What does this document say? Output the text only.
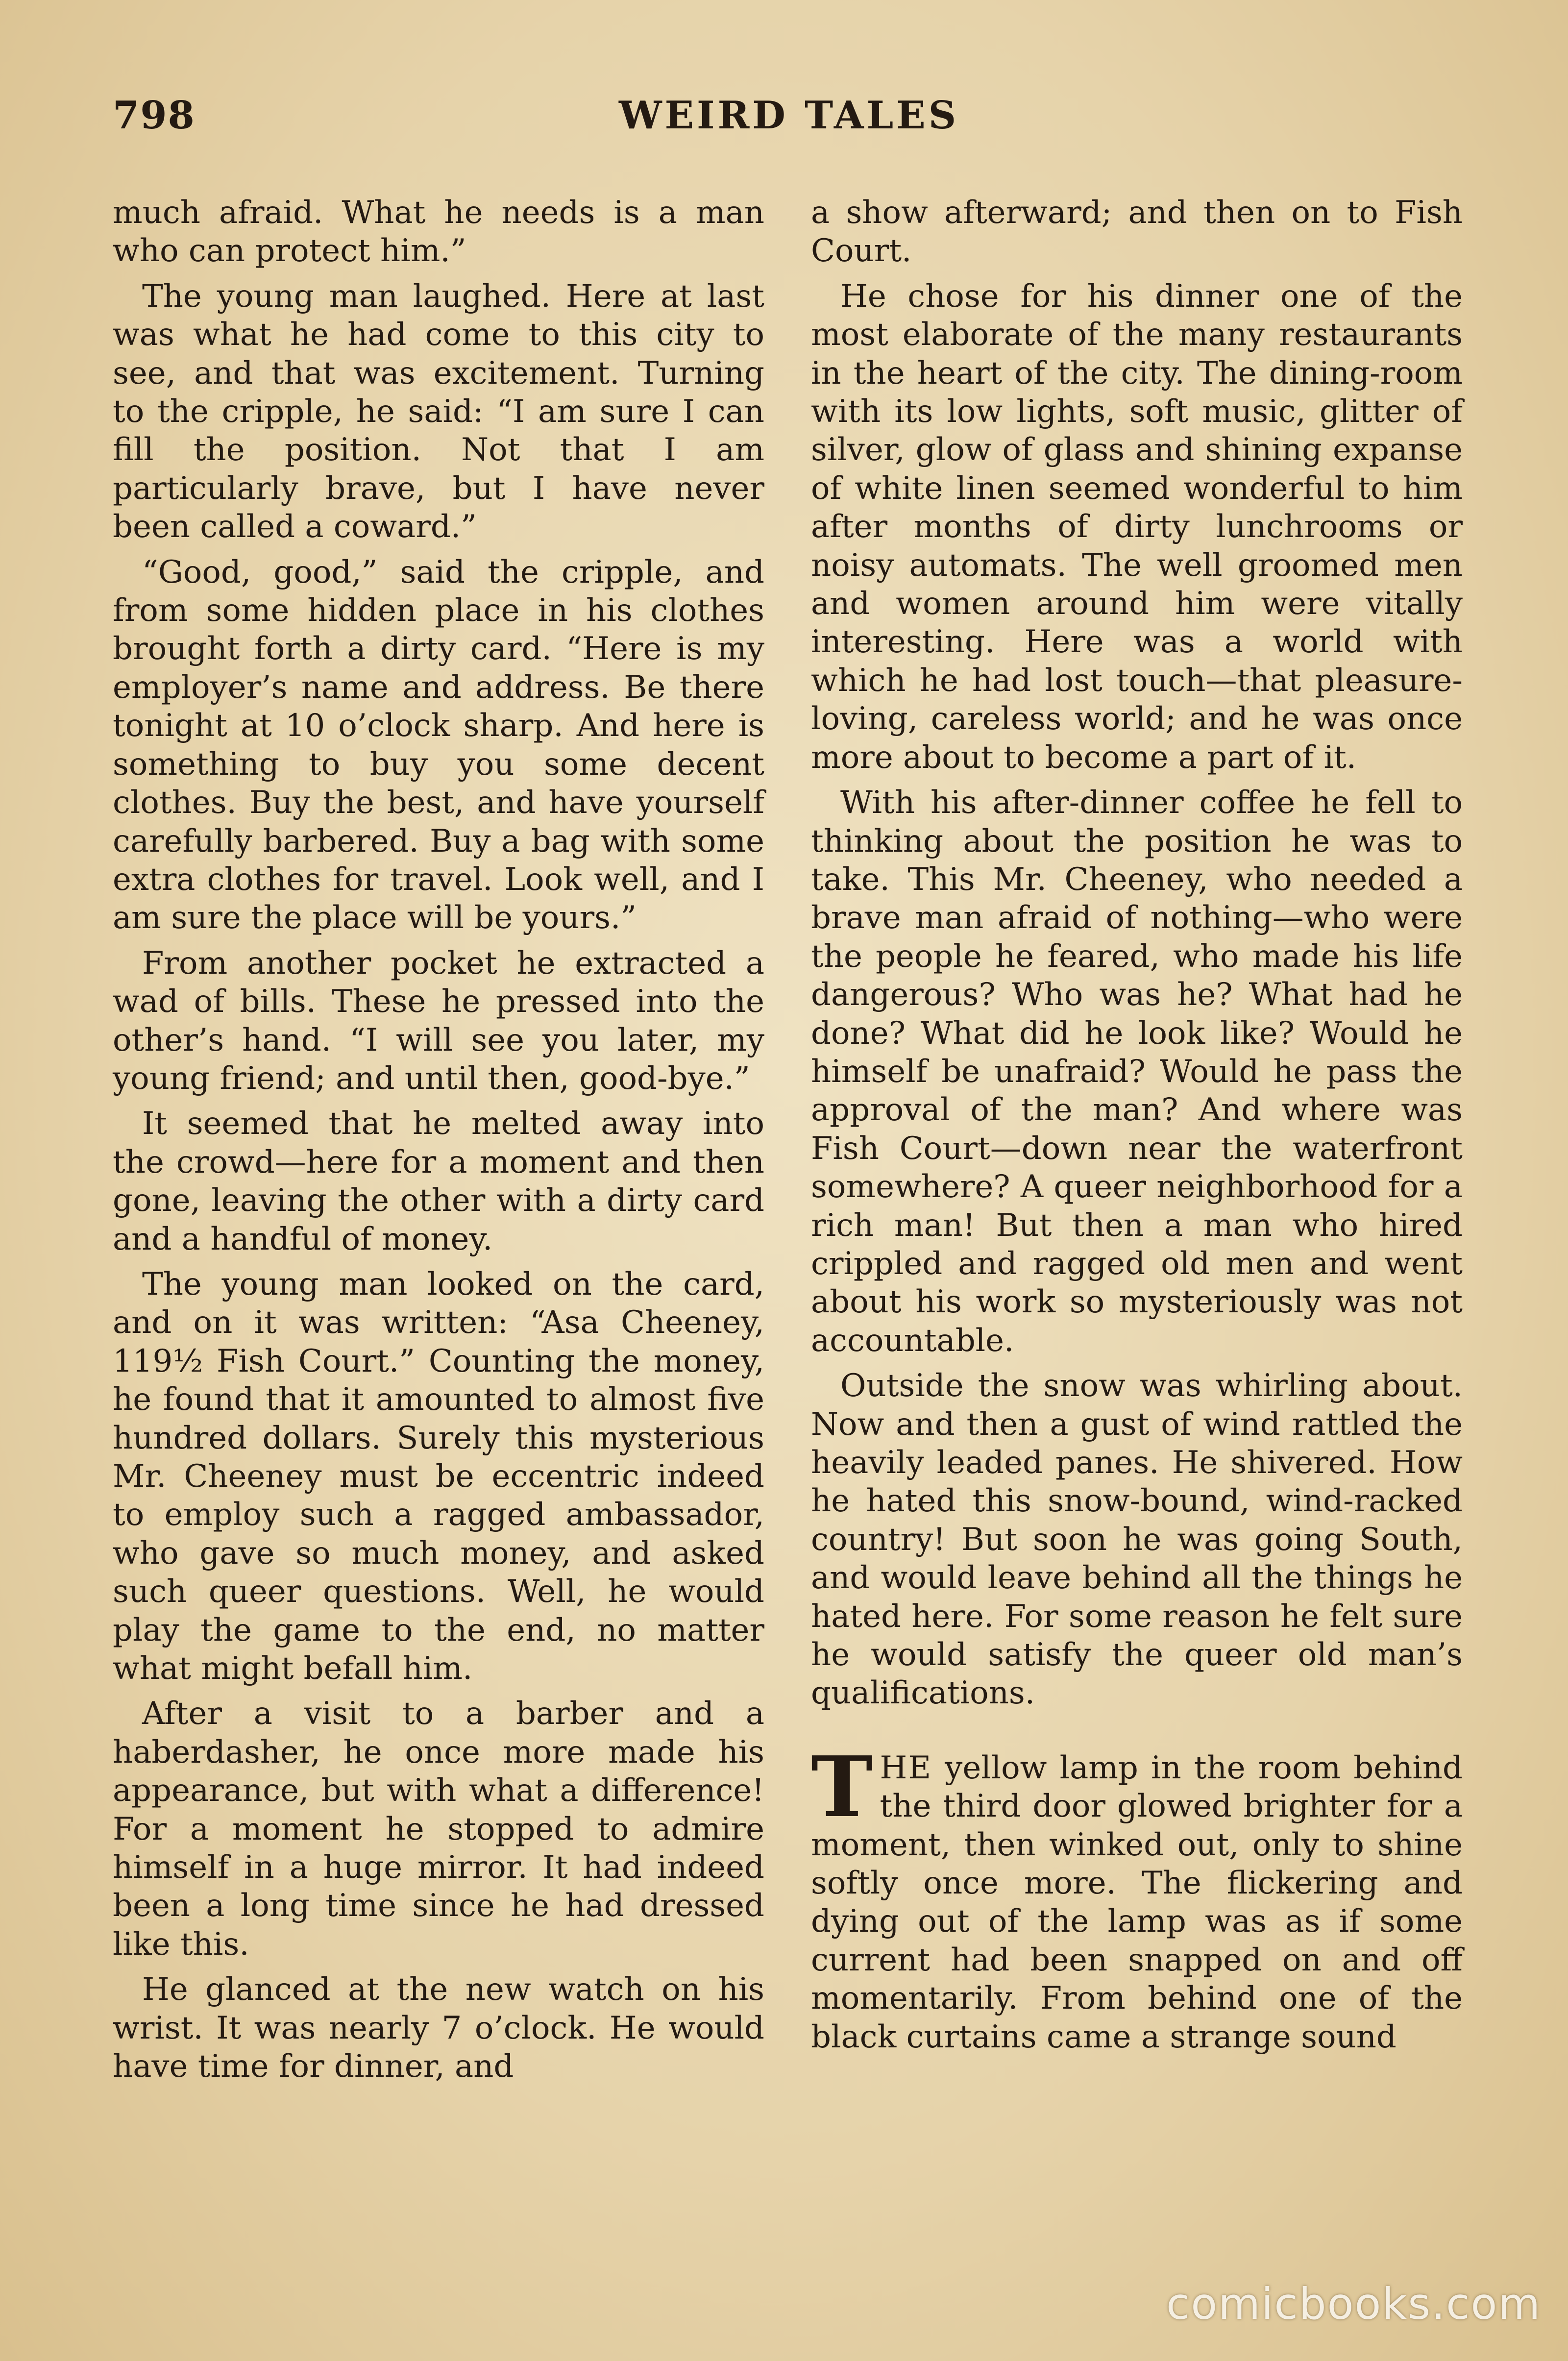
798	WEIRD TALES

much afraid. What he needs is a man who can protect him.”

The young man laughed. Here at last was what he had come to this city to see, and that was excitement. Turning to the cripple, he said: “I am sure I can fill the position. Not that I am particularly brave, but I have never been called a coward.”

“Good, good,” said the cripple, and from some hidden place in his clothes brought forth a dirty card. “Here is my employer’s name and address. Be there tonight at 10 o’clock sharp. And here is something to buy you some decent clothes. Buy the best, and have yourself carefully barbered. Buy a bag with some extra clothes for travel. Look well, and I am sure the place will be yours.”

From another pocket he extracted a wad of bills. These he pressed into the other’s hand. “I will see you later, my young friend; and until then, good-bye.”

It seemed that he melted away into the crowd—here for a moment and then gone, leaving the other with a dirty card and a handful of money.

The young man looked on the card, and on it was written: “Asa Cheeney, 119½ Fish Court.” Counting the money, he found that it amounted to almost five hundred dollars. Surely this mysterious Mr. Cheeney must be eccentric indeed to employ such a ragged ambassador, who gave so much money, and asked such queer questions. Well, he would play the game to the end, no matter what might befall him.

After a visit to a barber and a haberdasher, he once more made his appearance, but with what a difference! For a moment he stopped to admire himself in a huge mirror. It had indeed been a long time since he had dressed like this.

He glanced at the new watch on his wrist. It was nearly 7 o’clock. He would have time for dinner, and

a show afterward; and then on to Fish Court.

He chose for his dinner one of the most elaborate of the many restaurants in the heart of the city. The dining-room with its low lights, soft music, glitter of silver, glow of glass and shining expanse of white linen seemed wonderful to him after months of dirty lunchrooms or noisy automats. The well groomed men and women around him were vitally interesting. Here was a world with which he had lost touch—that pleasure-loving, careless world; and he was once more about to become a part of it.

With his after-dinner coffee he fell to thinking about the position he was to take. This Mr. Cheeney, who needed a brave man afraid of nothing—who were the people he feared, who made his life dangerous? Who was he? What had he done? What did he look like? Would he himself be unafraid? Would he pass the approval of the man? And where was Fish Court—down near the waterfront somewhere? A queer neighborhood for a rich man! But then a man who hired crippled and ragged old men and went about his work so mysteriously was not accountable.

Outside the snow was whirling about. Now and then a gust of wind rattled the heavily leaded panes. He shivered. How he hated this snow-bound, wind-racked country! But soon he was going South, and would leave behind all the things he hated here. For some reason he felt sure he would satisfy the queer old man’s qualifications.

THE yellow lamp in the room behind the third door glowed brighter for a moment, then winked out, only to shine softly once more. The flickering and dying out of the lamp was as if some current had been snapped on and off momentarily. From behind one of the black curtains came a strange sound

comicbooks.com
